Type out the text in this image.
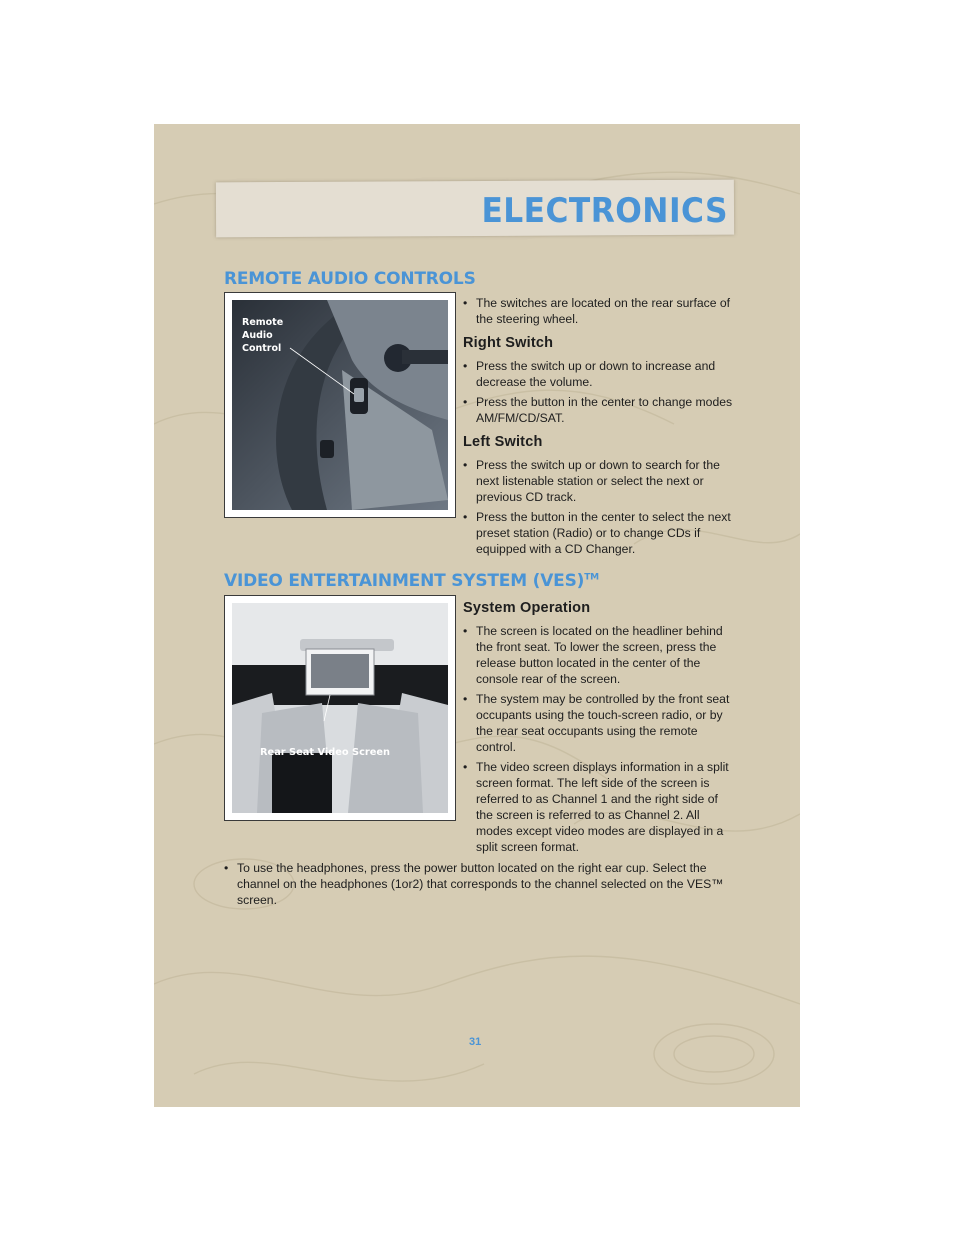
ELECTRONICS
REMOTE AUDIO CONTROLS
Remote
Audio
Control
• The switches are located on the rear surface of the steering wheel.
Right Switch
• Press the switch up or down to increase and decrease the volume.
• Press the button in the center to change modes AM/FM/CD/SAT.
Left Switch
• Press the switch up or down to search for the next listenable station or select the next or previous CD track.
• Press the button in the center to select the next preset station (Radio) or to change CDs if equipped with a CD Changer.
VIDEO ENTERTAINMENT SYSTEM (VES)™
Rear Seat Video Screen
System Operation
• The screen is located on the headliner behind the front seat. To lower the screen, press the release button located in the center of the console rear of the screen.
• The system may be controlled by the front seat occupants using the touch-screen radio, or by the rear seat occupants using the remote control.
• The video screen displays information in a split screen format. The left side of the screen is referred to as Channel 1 and the right side of the screen is referred to as Channel 2. All modes except video modes are displayed in a split screen format.
• To use the headphones, press the power button located on the right ear cup. Select the channel on the headphones (1or2) that corresponds to the channel selected on the VES™ screen.
31
